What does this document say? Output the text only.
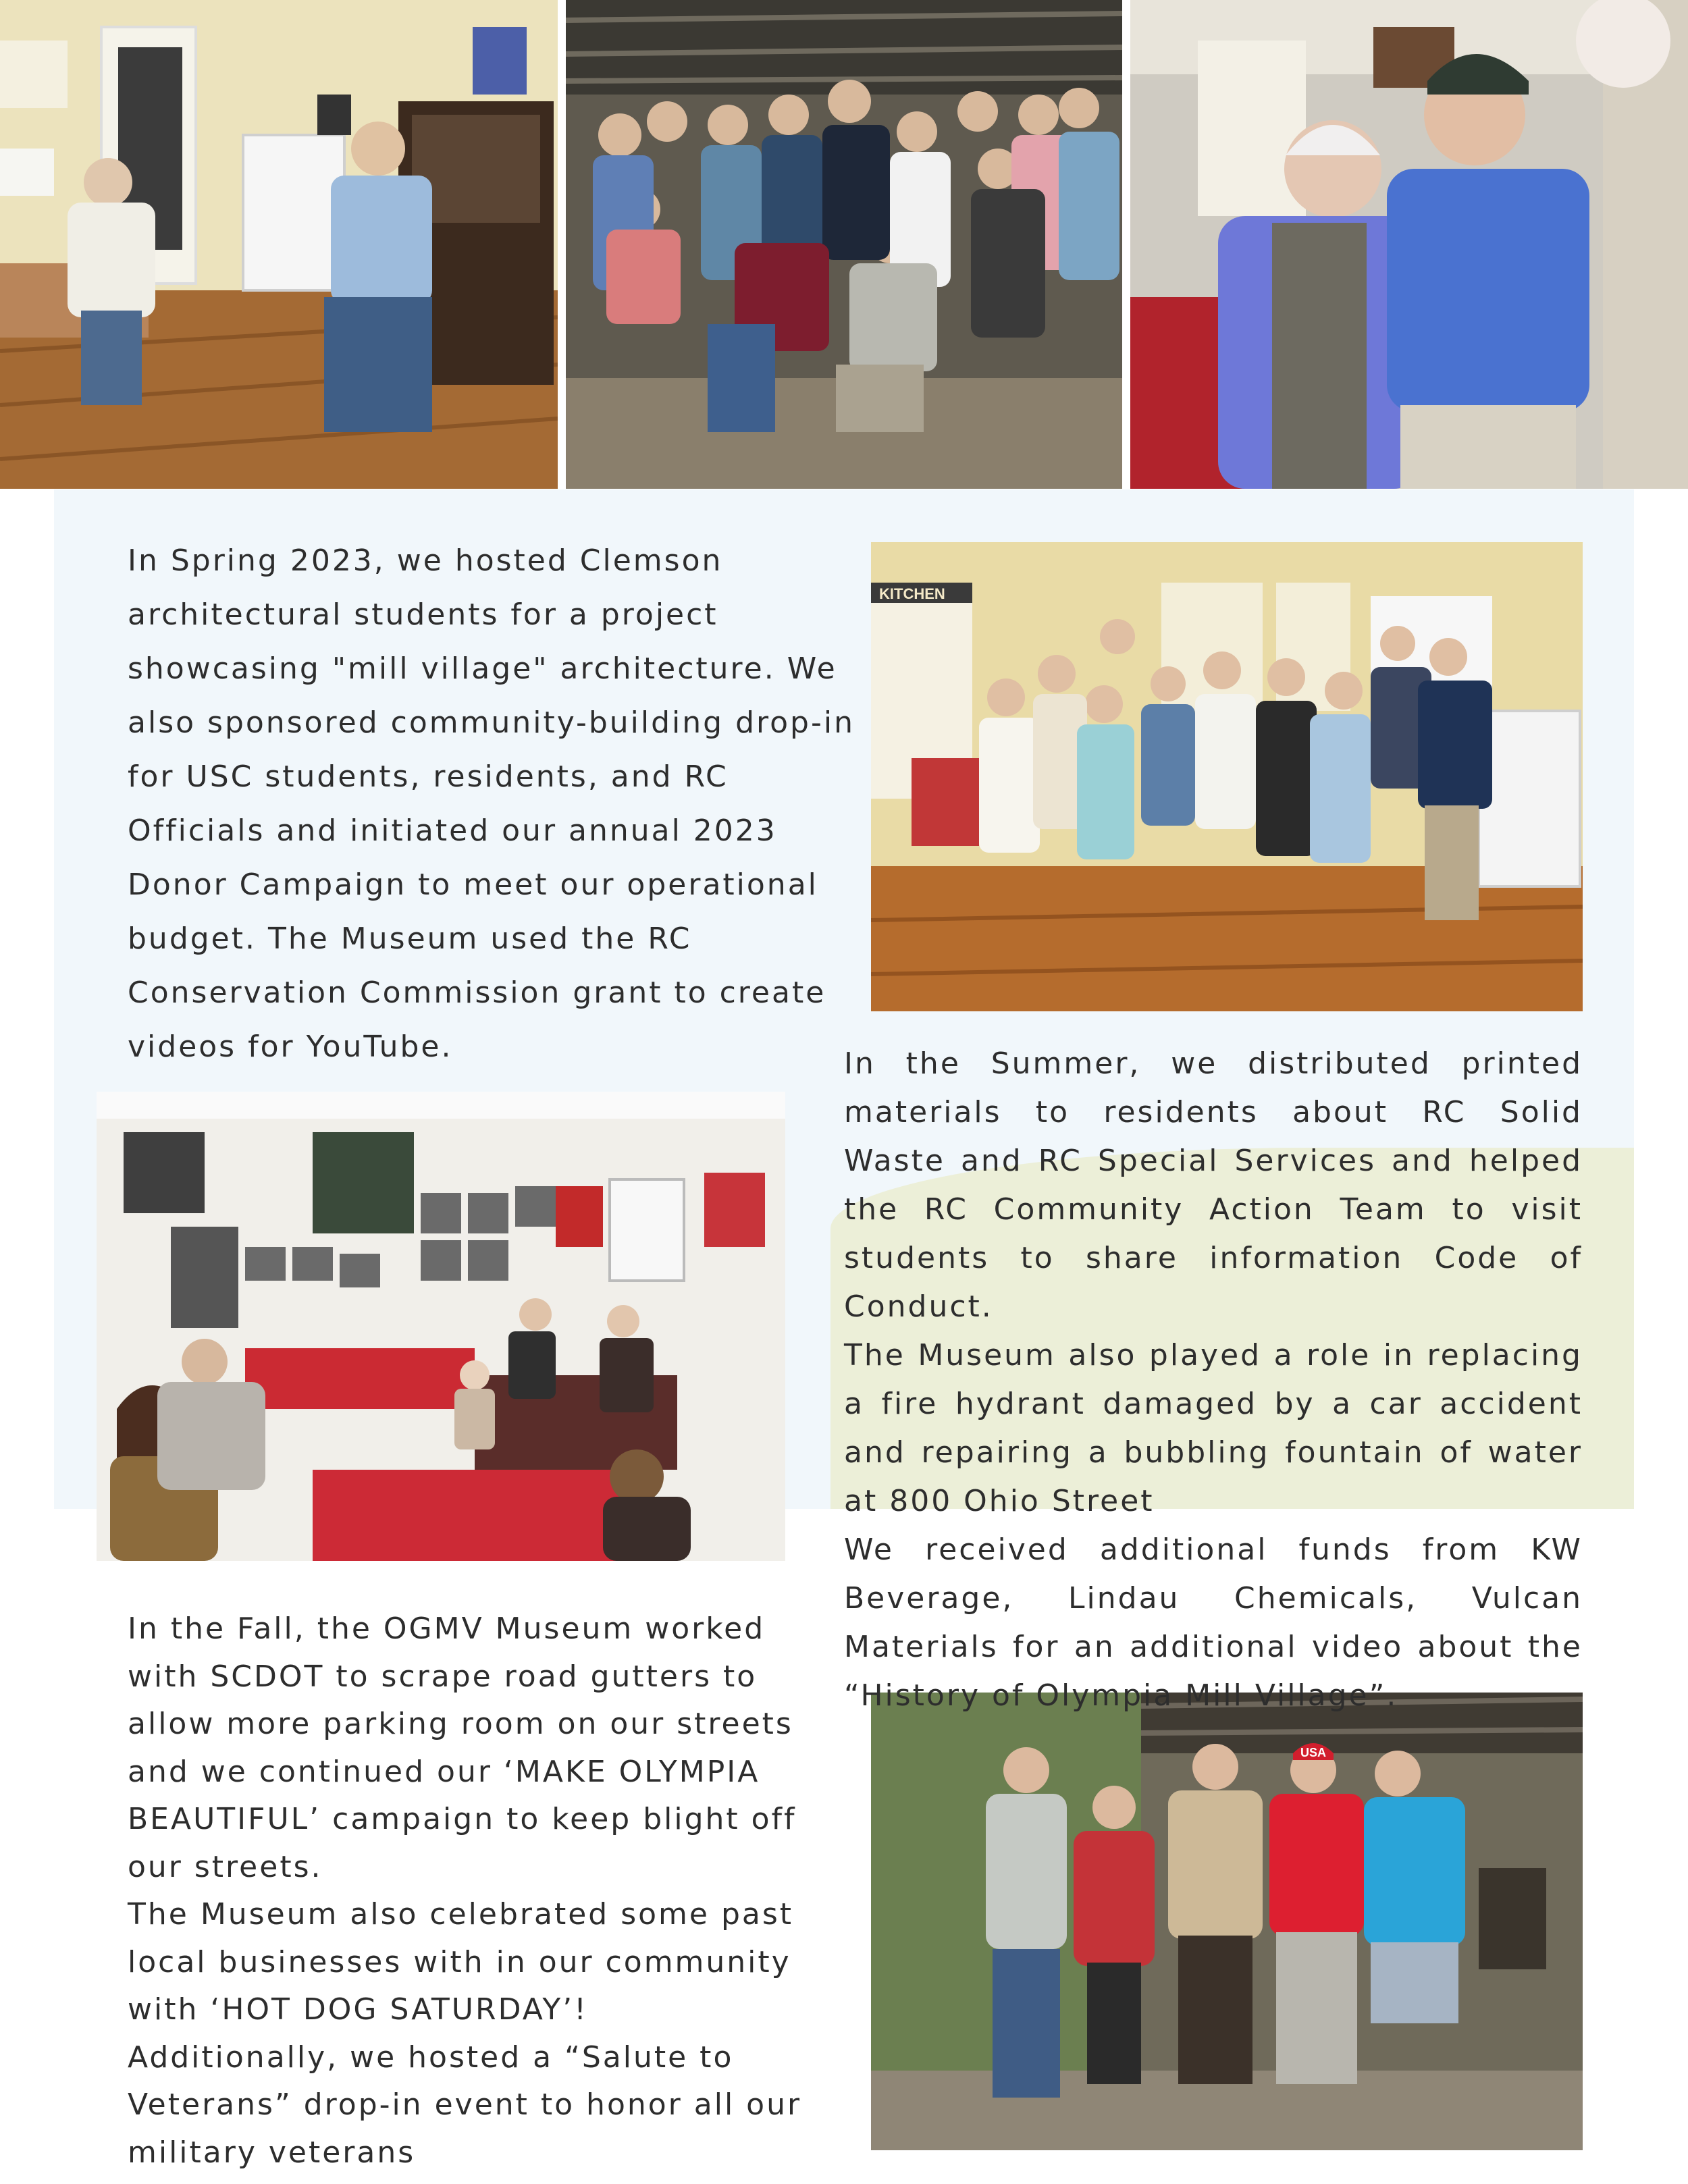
KITCHEN
USA
In Spring 2023, we hosted Clemson architectural students for a project showcasing "mill village" architecture. We also sponsored community-building drop-in for USC students, residents, and RC Officials and initiated our annual 2023 Donor Campaign to meet our operational budget. The Museum used the RC Conservation Commission grant to create videos for YouTube.	In the Summer, we distributed printed materials to residents about RC Solid Waste and RC Special Services and helped the RC Community Action Team to visit students to share information Code of Conduct.
The Museum also played a role in replacing a fire hydrant damaged by a car accident and repairing a bubbling fountain of water at 800 Ohio Street
We received additional funds from KW Beverage, Lindau Chemicals, Vulcan Materials for an additional video about the “History of Olympia Mill Village”.
In the Fall, the OGMV Museum worked with SCDOT to scrape road gutters to allow more parking room on our streets and we continued our ‘MAKE OLYMPIA BEAUTIFUL’ campaign to keep blight off our streets.
The Museum also celebrated some past local businesses with in our community with ‘HOT DOG SATURDAY’!
Additionally, we hosted a “Salute to Veterans” drop-in event to honor all our military veterans
